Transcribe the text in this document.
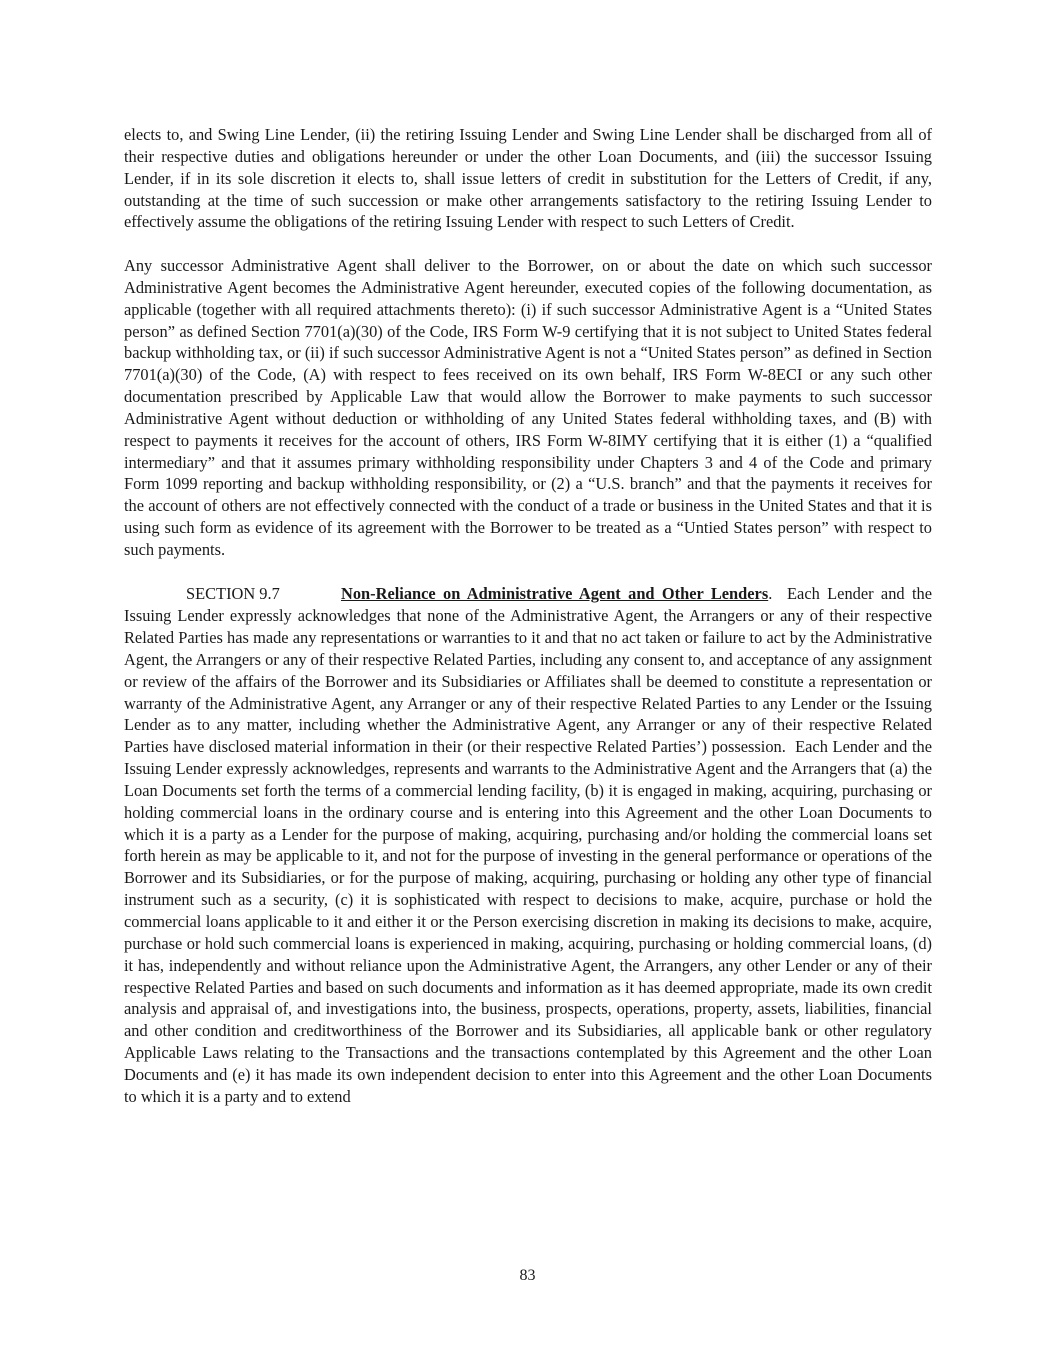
elects to, and Swing Line Lender, (ii) the retiring Issuing Lender and Swing Line Lender shall be discharged from all of their respective duties and obligations hereunder or under the other Loan Documents, and (iii) the successor Issuing Lender, if in its sole discretion it elects to, shall issue letters of credit in substitution for the Letters of Credit, if any, outstanding at the time of such succession or make other arrangements satisfactory to the retiring Issuing Lender to effectively assume the obligations of the retiring Issuing Lender with respect to such Letters of Credit.

Any successor Administrative Agent shall deliver to the Borrower, on or about the date on which such successor Administrative Agent becomes the Administrative Agent hereunder, executed copies of the following documentation, as applicable (together with all required attachments thereto): (i) if such successor Administrative Agent is a “United States person” as defined Section 7701(a)(30) of the Code, IRS Form W-9 certifying that it is not subject to United States federal backup withholding tax, or (ii) if such successor Administrative Agent is not a “United States person” as defined in Section 7701(a)(30) of the Code, (A) with respect to fees received on its own behalf, IRS Form W-8ECI or any such other documentation prescribed by Applicable Law that would allow the Borrower to make payments to such successor Administrative Agent without deduction or withholding of any United States federal withholding taxes, and (B) with respect to payments it receives for the account of others, IRS Form W-8IMY certifying that it is either (1) a “qualified intermediary” and that it assumes primary withholding responsibility under Chapters 3 and 4 of the Code and primary Form 1099 reporting and backup withholding responsibility, or (2) a “U.S. branch” and that the payments it receives for the account of others are not effectively connected with the conduct of a trade or business in the United States and that it is using such form as evidence of its agreement with the Borrower to be treated as a “Untied States person” with respect to such payments.

SECTION 9.7	Non-Reliance on Administrative Agent and Other Lenders.  Each Lender and the Issuing Lender expressly acknowledges that none of the Administrative Agent, the Arrangers or any of their respective Related Parties has made any representations or warranties to it and that no act taken or failure to act by the Administrative Agent, the Arrangers or any of their respective Related Parties, including any consent to, and acceptance of any assignment or review of the affairs of the Borrower and its Subsidiaries or Affiliates shall be deemed to constitute a representation or warranty of the Administrative Agent, any Arranger or any of their respective Related Parties to any Lender or the Issuing Lender as to any matter, including whether the Administrative Agent, any Arranger or any of their respective Related Parties have disclosed material information in their (or their respective Related Parties’) possession.  Each Lender and the Issuing Lender expressly acknowledges, represents and warrants to the Administrative Agent and the Arrangers that (a) the Loan Documents set forth the terms of a commercial lending facility, (b) it is engaged in making, acquiring, purchasing or holding commercial loans in the ordinary course and is entering into this Agreement and the other Loan Documents to which it is a party as a Lender for the purpose of making, acquiring, purchasing and/or holding the commercial loans set forth herein as may be applicable to it, and not for the purpose of investing in the general performance or operations of the Borrower and its Subsidiaries, or for the purpose of making, acquiring, purchasing or holding any other type of financial instrument such as a security, (c) it is sophisticated with respect to decisions to make, acquire, purchase or hold the commercial loans applicable to it and either it or the Person exercising discretion in making its decisions to make, acquire, purchase or hold such commercial loans is experienced in making, acquiring, purchasing or holding commercial loans, (d) it has, independently and without reliance upon the Administrative Agent, the Arrangers, any other Lender or any of their respective Related Parties and based on such documents and information as it has deemed appropriate, made its own credit analysis and appraisal of, and investigations into, the business, prospects, operations, property, assets, liabilities, financial and other condition and creditworthiness of the Borrower and its Subsidiaries, all applicable bank or other regulatory Applicable Laws relating to the Transactions and the transactions contemplated by this Agreement and the other Loan Documents and (e) it has made its own independent decision to enter into this Agreement and the other Loan Documents to which it is a party and to extend

83
